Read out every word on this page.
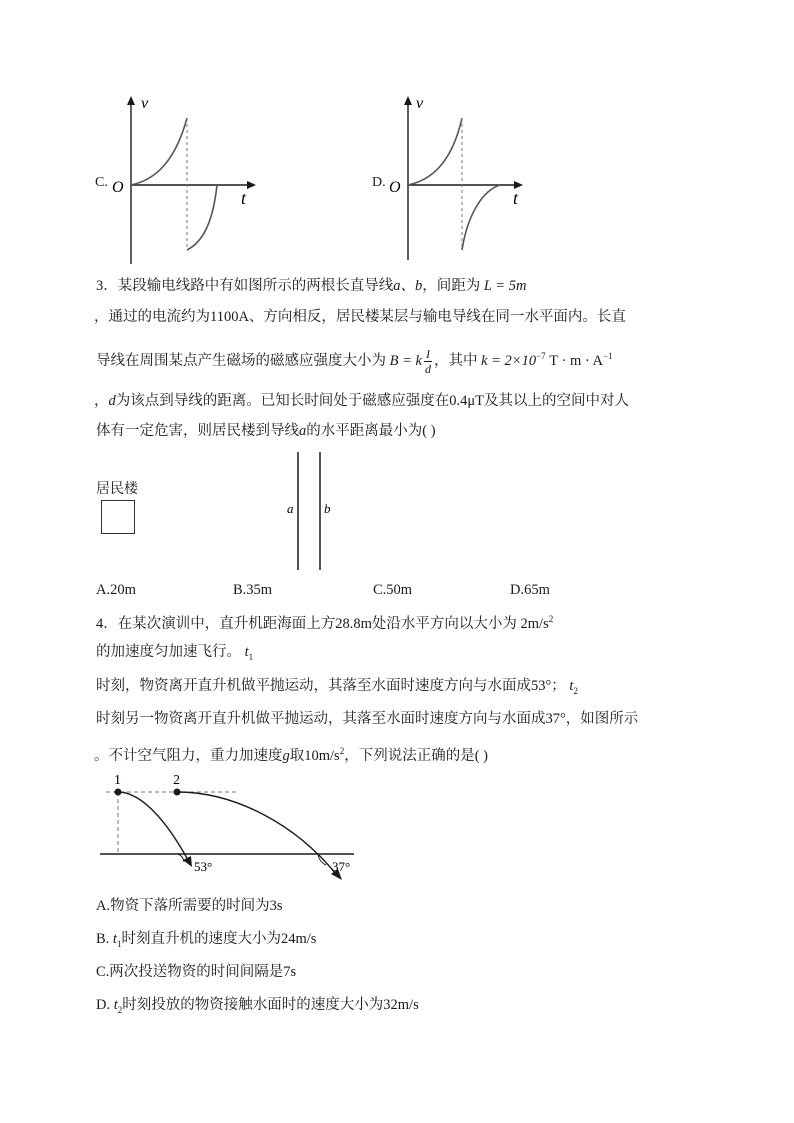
C.
v
t
O	D.
v
t
O
3．某段输电线路中有如图所示的两根长直导线a、b，间距为 L = 5m
，通过的电流约为1100A、方向相反，居民楼某层与输电导线在同一水平面内。长直
导线在周围某点产生磁场的磁感应强度大小为 B = k $\frac{I}{d}$ ，其中 $k = 2\times 10^{-7}$ $T \cdot m \cdot A^{-1}$
，d为该点到导线的距离。已知长时间处于磁感应强度在0.4μT及其以上的空间中对人
体有一定危害，则居民楼到导线a的水平距离最小为( )
居民楼
a b
A.20m	B.35m	C.50m	D.65m
4．在某次演训中，直升机距海面上方28.8m处沿水平方向以大小为 $2m/s^2$
的加速度匀加速飞行。 $t_1$
时刻，物资离开直升机做平抛运动，其落至水面时速度方向与水面成53°； $t_2$
时刻另一物资离开直升机做平抛运动，其落至水面时速度方向与水面成37°，如图所示
。不计空气阻力，重力加速度g取$10m/s^2$，下列说法正确的是( )
1	2
53°	37°
A.物资下落所需要的时间为3s
B. $t_1$时刻直升机的速度大小为24m/s
C.两次投送物资的时间间隔是7s
D. $t_2$时刻投放的物资接触水面时的速度大小为32m/s
